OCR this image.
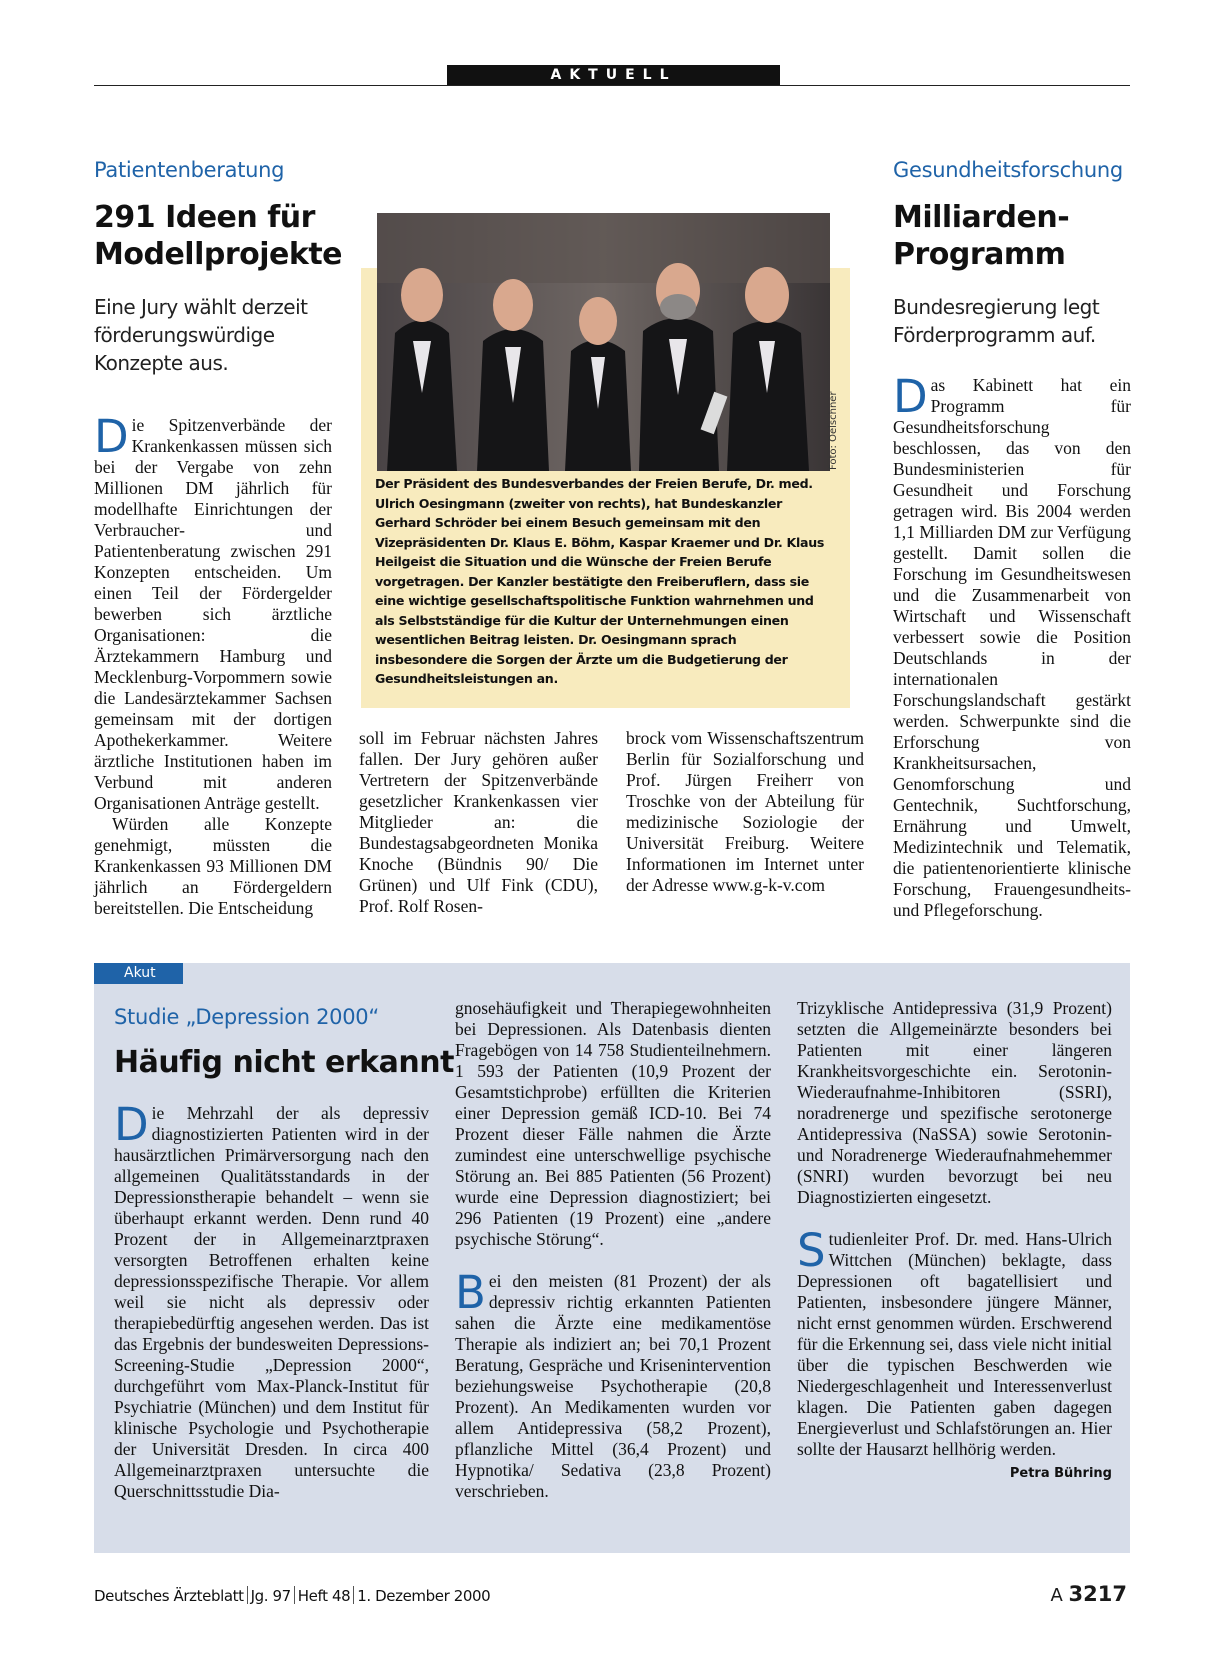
AKTUELL
Patientenberatung
291 Ideen für
Modellprojekte
Eine Jury wählt derzeit förderungswürdige Konzepte aus.

Die Spitzenverbände der Krankenkassen müssen sich bei der Vergabe von zehn Millionen DM jährlich für modellhafte Einrichtungen der Verbraucher- und Patientenberatung zwischen 291 Konzepten entscheiden. Um einen Teil der Fördergelder bewerben sich ärztliche Organisationen: die Ärztekammern Hamburg und Mecklenburg-Vorpommern sowie die Landesärztekammer Sachsen gemeinsam mit der dortigen Apothekerkammer. Weitere ärztliche Institutionen haben im Verbund mit anderen Organisationen Anträge gestellt.

Würden alle Konzepte genehmigt, müssten die Krankenkassen 93 Millionen DM jährlich an Fördergeldern bereitstellen. Die Entscheidung

soll im Februar nächsten Jahres fallen. Der Jury gehören außer Vertretern der Spitzenverbände gesetzlicher Krankenkassen vier Mitglieder an: die Bundestagsabgeordneten Monika Knoche (Bündnis 90/ Die Grünen) und Ulf Fink (CDU), Prof. Rolf Rosen-
brock vom Wissenschaftszentrum Berlin für Sozialforschung und Prof. Jürgen Freiherr von Troschke von der Abteilung für medizinische Soziologie der Universität Freiburg. Weitere Informationen im Internet unter der Adresse www.g-k-v.com
Foto: Oelschner
Der Präsident des Bundesverbandes der Freien Berufe, Dr. med. Ulrich Oesingmann (zweiter von rechts), hat Bundeskanzler Gerhard Schröder bei einem Besuch gemeinsam mit den Vizepräsidenten Dr. Klaus E. Böhm, Kaspar Kraemer und Dr. Klaus Heilgeist die Situation und die Wünsche der Freien Berufe vorgetragen. Der Kanzler bestätigte den Freiberuflern, dass sie eine wichtige gesellschaftspolitische Funktion wahrnehmen und als Selbstständige für die Kultur der Unternehmungen einen wesentlichen Beitrag leisten. Dr. Oesingmann sprach insbesondere die Sorgen der Ärzte um die Budgetierung der Gesundheitsleistungen an.
Gesundheitsforschung
Milliarden-
Programm
Bundesregierung legt Förderprogramm auf.

Das Kabinett hat ein Programm für Gesundheitsforschung beschlossen, das von den Bundesministerien für Gesundheit und Forschung getragen wird. Bis 2004 werden 1,1 Milliarden DM zur Verfügung gestellt. Damit sollen die Forschung im Gesundheitswesen und die Zusammenarbeit von Wirtschaft und Wissenschaft verbessert sowie die Position Deutschlands in der internationalen Forschungslandschaft gestärkt werden. Schwerpunkte sind die Erforschung von Krankheitsursachen, Genomforschung und Gentechnik, Suchtforschung, Ernährung und Umwelt, Medizintechnik und Telematik, die patientenorientierte klinische Forschung, Frauengesundheits- und Pflegeforschung.

Akut
Studie „Depression 2000“
Häufig nicht erkannt

Die Mehrzahl der als depressiv diagnostizierten Patienten wird in der hausärztlichen Primärversorgung nach den allgemeinen Qualitätsstandards in der Depressionstherapie behandelt – wenn sie überhaupt erkannt werden. Denn rund 40 Prozent der in Allgemeinarztpraxen versorgten Betroffenen erhalten keine depressionsspezifische Therapie. Vor allem weil sie nicht als depressiv oder therapiebedürftig angesehen werden. Das ist das Ergebnis der bundesweiten Depressions-Screening-Studie „Depression 2000“, durchgeführt vom Max-Planck-Institut für Psychiatrie (München) und dem Institut für klinische Psychologie und Psychotherapie der Universität Dresden. In circa 400 Allgemeinarztpraxen untersuchte die Querschnittsstudie Dia-

gnosehäufigkeit und Therapiegewohnheiten bei Depressionen. Als Datenbasis dienten Fragebögen von 14 758 Studienteilnehmern. 1 593 der Patienten (10,9 Prozent der Gesamtstichprobe) erfüllten die Kriterien einer Depression gemäß ICD-10. Bei 74 Prozent dieser Fälle nahmen die Ärzte zumindest eine unterschwellige psychische Störung an. Bei 885 Patienten (56 Prozent) wurde eine Depression diagnostiziert; bei 296 Patienten (19 Prozent) eine „andere psychische Störung“.

Bei den meisten (81 Prozent) der als depressiv richtig erkannten Patienten sahen die Ärzte eine medikamentöse Therapie als indiziert an; bei 70,1 Prozent Beratung, Gespräche und Krisenintervention beziehungsweise Psychotherapie (20,8 Prozent). An Medikamenten wurden vor allem Antidepressiva (58,2 Prozent), pflanzliche Mittel (36,4 Prozent) und Hypnotika/ Sedativa (23,8 Prozent) verschrieben.

Trizyklische Antidepressiva (31,9 Prozent) setzten die Allgemeinärzte besonders bei Patienten mit einer längeren Krankheitsvorgeschichte ein. Serotonin-Wiederaufnahme-Inhibitoren (SSRI), noradrenerge und spezifische serotonerge Antidepressiva (NaSSA) sowie Serotonin- und Noradrenerge Wiederaufnahmehemmer (SNRI) wurden bevorzugt bei neu Diagnostizierten eingesetzt.

Studienleiter Prof. Dr. med. Hans-Ulrich Wittchen (München) beklagte, dass Depressionen oft bagatellisiert und Patienten, insbesondere jüngere Männer, nicht ernst genommen würden. Erschwerend für die Erkennung sei, dass viele nicht initial über die typischen Beschwerden wie Niedergeschlagenheit und Interessenverlust klagen. Die Patienten gaben dagegen Energieverlust und Schlafstörungen an. Hier sollte der Hausarzt hellhörig werden.
Petra Bühring

Deutsches Ärzteblatt Jg. 97 Heft 48 1. Dezember 2000	A 3217
